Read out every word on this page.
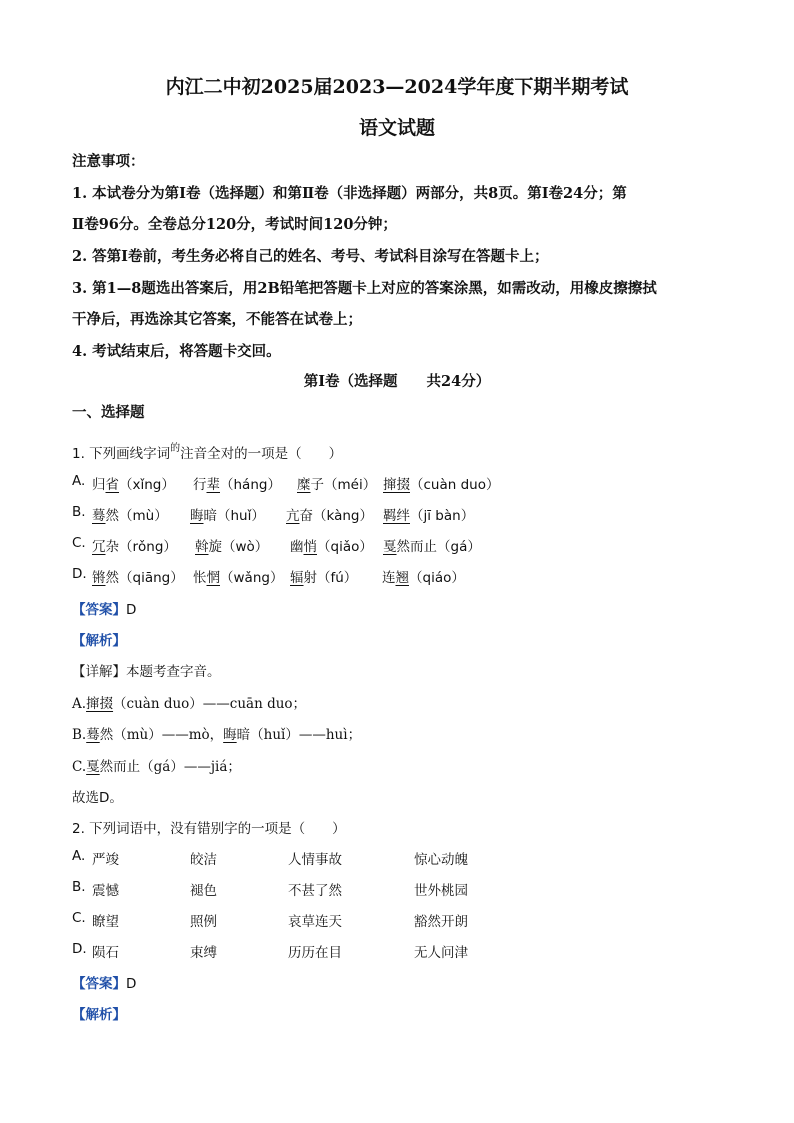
内江二中初2025届2023—2024学年度下期半期考试
语文试题
注意事项：
1. 本试卷分为第Ⅰ卷（选择题）和第Ⅱ卷（非选择题）两部分，共8页。第Ⅰ卷24分；第
Ⅱ卷96分。全卷总分120分，考试时间120分钟；
2. 答第Ⅰ卷前，考生务必将自己的姓名、考号、考试科目涂写在答题卡上；
3. 第1—8题选出答案后，用2B铅笔把答题卡上对应的答案涂黑，如需改动，用橡皮擦擦拭
干净后，再选涂其它答案，不能答在试卷上；
4. 考试结束后，将答题卡交回。
第Ⅰ卷（选择题　　共24分）
一、选择题
1. 下列画线字词$^的$注音全对的一项是（　　）
A. 归省（xǐng） 行辈（háng） 糜子（méi） 撺掇（cuàn duo）
B. 蓦然（mù） 晦暗（huǐ） 亢奋（kàng） 羁绊（jī bàn）
C. 冗杂（rǒng） 斡旋（wò） 幽悄（qiǎo） 戛然而止（gá）
D. 锵然（qiāng） 怅惘（wǎng） 辐射（fú） 连翘（qiáo）
【答案】D
【解析】
【详解】本题考查字音。
A.撺掇（cuàn duo）——cuān duo；
B.蓦然（mù）——mò，晦暗（huǐ）——huì；
C.戛然而止（gá）——jiá；
故选D。
2. 下列词语中，没有错别字的一项是（　　）
A. 严竣	皎洁	人情事故	惊心动魄
B. 震憾	褪色	不甚了然	世外桃园
C. 瞭望	照例	哀草连天	豁然开朗
D. 陨石	束缚	历历在目	无人问津
【答案】D
【解析】
